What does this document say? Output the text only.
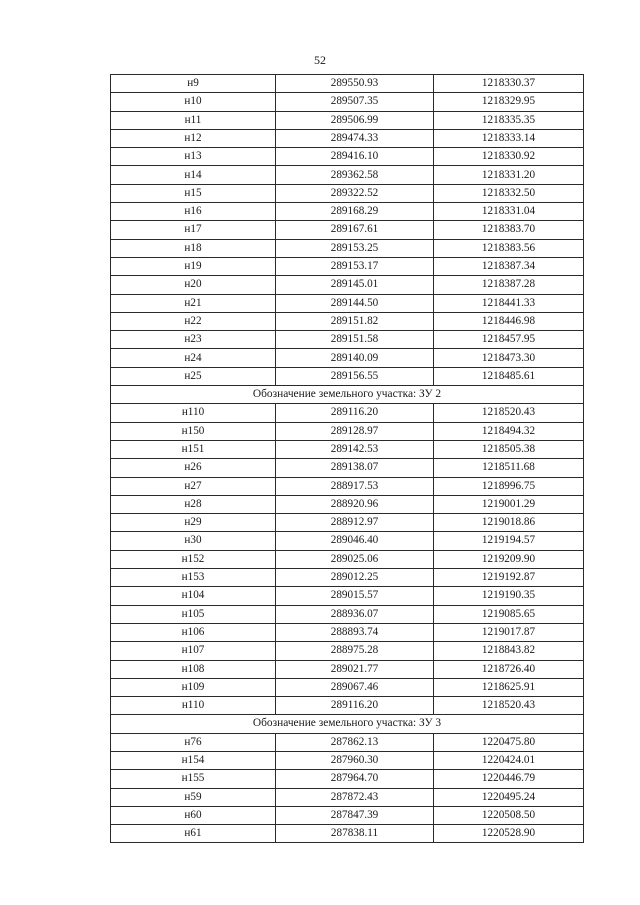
52
н9	289550.93	1218330.37
н10	289507.35	1218329.95
н11	289506.99	1218335.35
н12	289474.33	1218333.14
н13	289416.10	1218330.92
н14	289362.58	1218331.20
н15	289322.52	1218332.50
н16	289168.29	1218331.04
н17	289167.61	1218383.70
н18	289153.25	1218383.56
н19	289153.17	1218387.34
н20	289145.01	1218387.28
н21	289144.50	1218441.33
н22	289151.82	1218446.98
н23	289151.58	1218457.95
н24	289140.09	1218473.30
н25	289156.55	1218485.61
Обозначение земельного участка: ЗУ 2		
н110	289116.20	1218520.43
н150	289128.97	1218494.32
н151	289142.53	1218505.38
н26	289138.07	1218511.68
н27	288917.53	1218996.75
н28	288920.96	1219001.29
н29	288912.97	1219018.86
н30	289046.40	1219194.57
н152	289025.06	1219209.90
н153	289012.25	1219192.87
н104	289015.57	1219190.35
н105	288936.07	1219085.65
н106	288893.74	1219017.87
н107	288975.28	1218843.82
н108	289021.77	1218726.40
н109	289067.46	1218625.91
н110	289116.20	1218520.43
Обозначение земельного участка: ЗУ 3		
н76	287862.13	1220475.80
н154	287960.30	1220424.01
н155	287964.70	1220446.79
н59	287872.43	1220495.24
н60	287847.39	1220508.50
н61	287838.11	1220528.90
